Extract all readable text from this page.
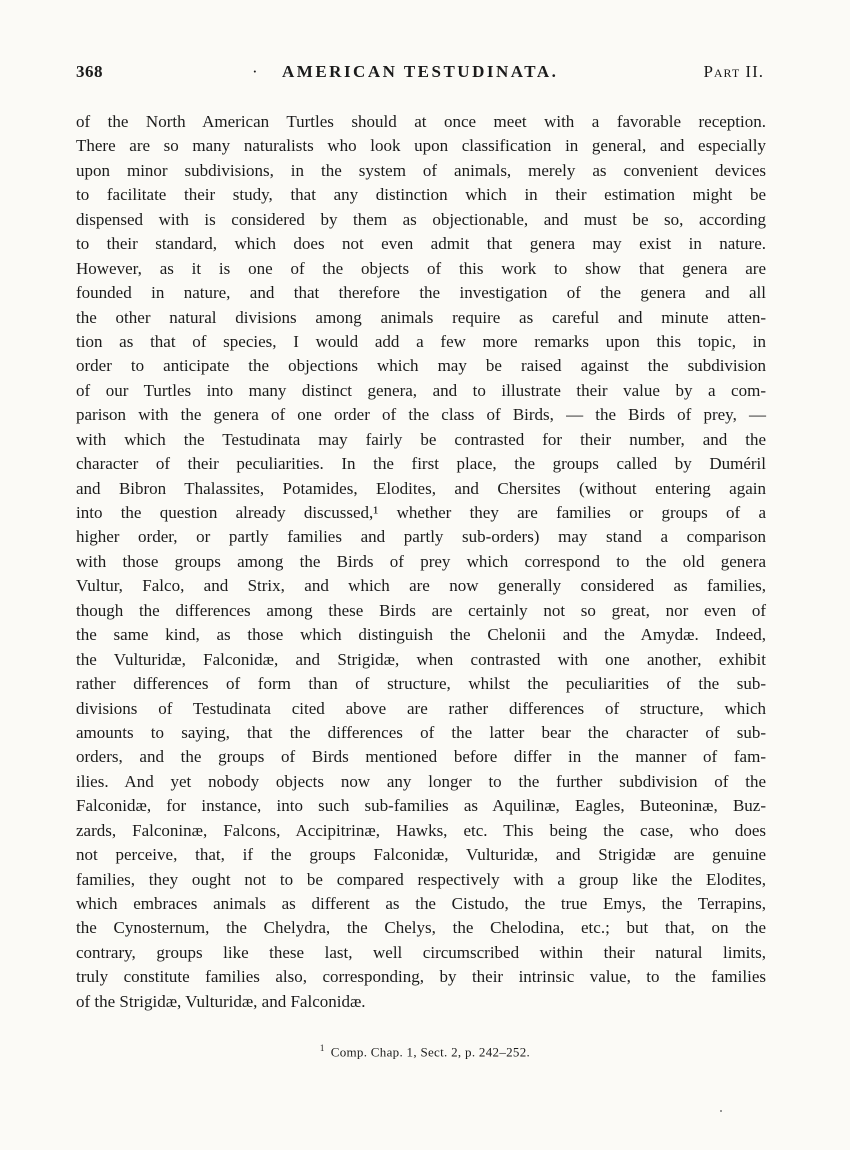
368	· AMERICAN TESTUDINATA.	Part II.
of the North American Turtles should at once meet with a favorable reception.
There are so many naturalists who look upon classification in general, and especially
upon minor subdivisions, in the system of animals, merely as convenient devices
to facilitate their study, that any distinction which in their estimation might be
dispensed with is considered by them as objectionable, and must be so, according
to their standard, which does not even admit that genera may exist in nature.
However, as it is one of the objects of this work to show that genera are
founded in nature, and that therefore the investigation of the genera and all
the other natural divisions among animals require as careful and minute atten-
tion as that of species, I would add a few more remarks upon this topic, in
order to anticipate the objections which may be raised against the subdivision
of our Turtles into many distinct genera, and to illustrate their value by a com-
parison with the genera of one order of the class of Birds, — the Birds of prey, —
with which the Testudinata may fairly be contrasted for their number, and the
character of their peculiarities. In the first place, the groups called by Duméril
and Bibron Thalassites, Potamides, Elodites, and Chersites (without entering again
into the question already discussed,¹ whether they are families or groups of a
higher order, or partly families and partly sub-orders) may stand a comparison
with those groups among the Birds of prey which correspond to the old genera
Vultur, Falco, and Strix, and which are now generally considered as families,
though the differences among these Birds are certainly not so great, nor even of
the same kind, as those which distinguish the Chelonii and the Amydæ. Indeed,
the Vulturidæ, Falconidæ, and Strigidæ, when contrasted with one another, exhibit
rather differences of form than of structure, whilst the peculiarities of the sub-
divisions of Testudinata cited above are rather differences of structure, which
amounts to saying, that the differences of the latter bear the character of sub-
orders, and the groups of Birds mentioned before differ in the manner of fam-
ilies. And yet nobody objects now any longer to the further subdivision of the
Falconidæ, for instance, into such sub-families as Aquilinæ, Eagles, Buteoninæ, Buz-
zards, Falconinæ, Falcons, Accipitrinæ, Hawks, etc. This being the case, who does
not perceive, that, if the groups Falconidæ, Vulturidæ, and Strigidæ are genuine
families, they ought not to be compared respectively with a group like the Elodites,
which embraces animals as different as the Cistudo, the true Emys, the Terrapins,
the Cynosternum, the Chelydra, the Chelys, the Chelodina, etc.; but that, on the
contrary, groups like these last, well circumscribed within their natural limits,
truly constitute families also, corresponding, by their intrinsic value, to the families
of the Strigidæ, Vulturidæ, and Falconidæ.
$^1$ Comp. Chap. 1, Sect. 2, p. 242–252.
